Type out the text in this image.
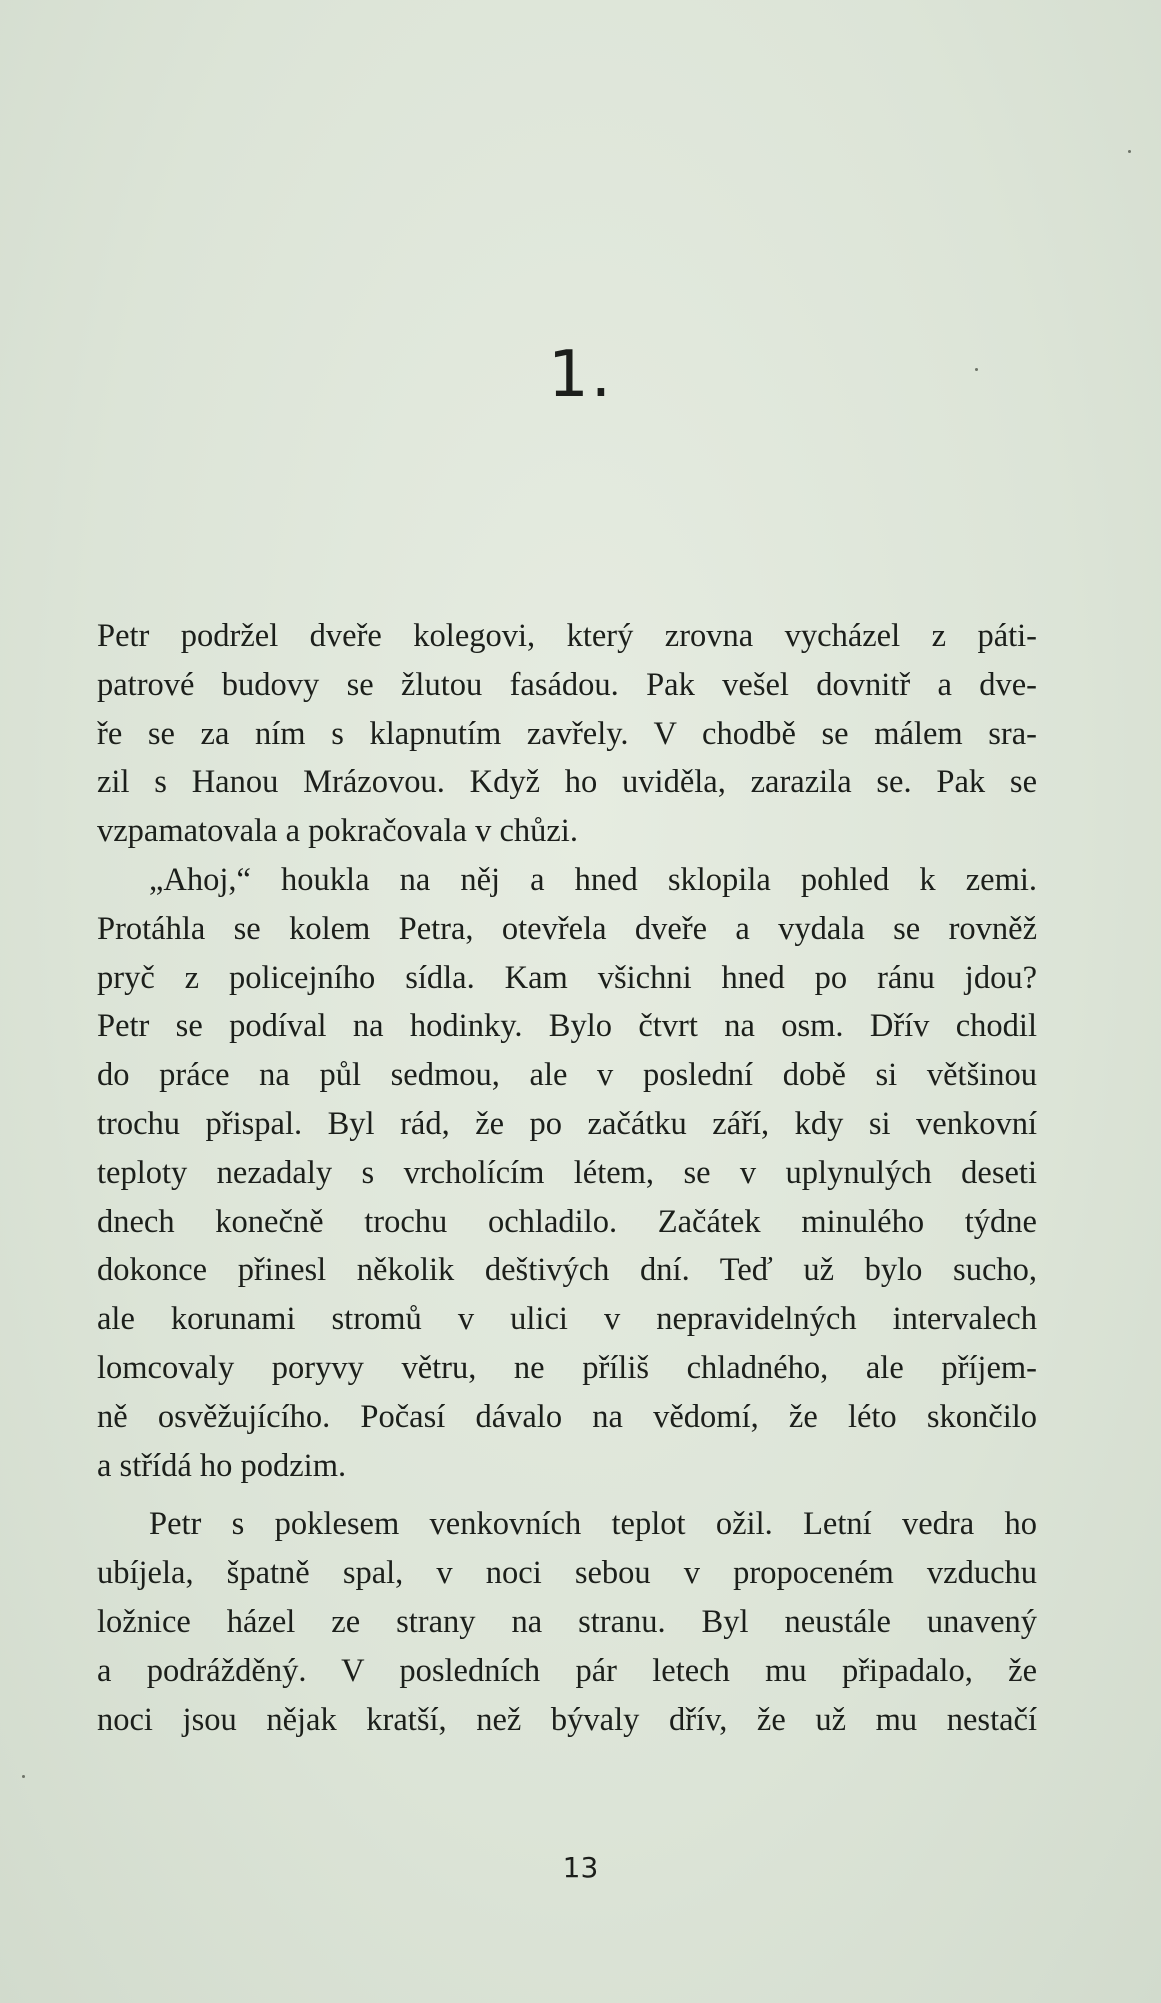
1.
Petr podržel dveře kolegovi, který zrovna vycházel z páti-
patrové budovy se žlutou fasádou. Pak vešel dovnitř a dve-
ře se za ním s klapnutím zavřely. V chodbě se málem sra-
zil s Hanou Mrázovou. Když ho uviděla, zarazila se. Pak se
vzpamatovala a pokračovala v chůzi.
„Ahoj,“ houkla na něj a hned sklopila pohled k zemi.
Protáhla se kolem Petra, otevřela dveře a vydala se rovněž
pryč z policejního sídla. Kam všichni hned po ránu jdou?
Petr se podíval na hodinky. Bylo čtvrt na osm. Dřív chodil
do práce na půl sedmou, ale v poslední době si většinou
trochu přispal. Byl rád, že po začátku září, kdy si venkovní
teploty nezadaly s vrcholícím létem, se v uplynulých deseti
dnech konečně trochu ochladilo. Začátek minulého týdne
dokonce přinesl několik deštivých dní. Teď už bylo sucho,
ale korunami stromů v ulici v nepravidelných intervalech
lomcovaly poryvy větru, ne příliš chladného, ale příjem-
ně osvěžujícího. Počasí dávalo na vědomí, že léto skončilo
a střídá ho podzim.
Petr s poklesem venkovních teplot ožil. Letní vedra ho
ubíjela, špatně spal, v noci sebou v propoceném vzduchu
ložnice házel ze strany na stranu. Byl neustále unavený
a podrážděný. V posledních pár letech mu připadalo, že
noci jsou nějak kratší, než bývaly dřív, že už mu nestačí
13
